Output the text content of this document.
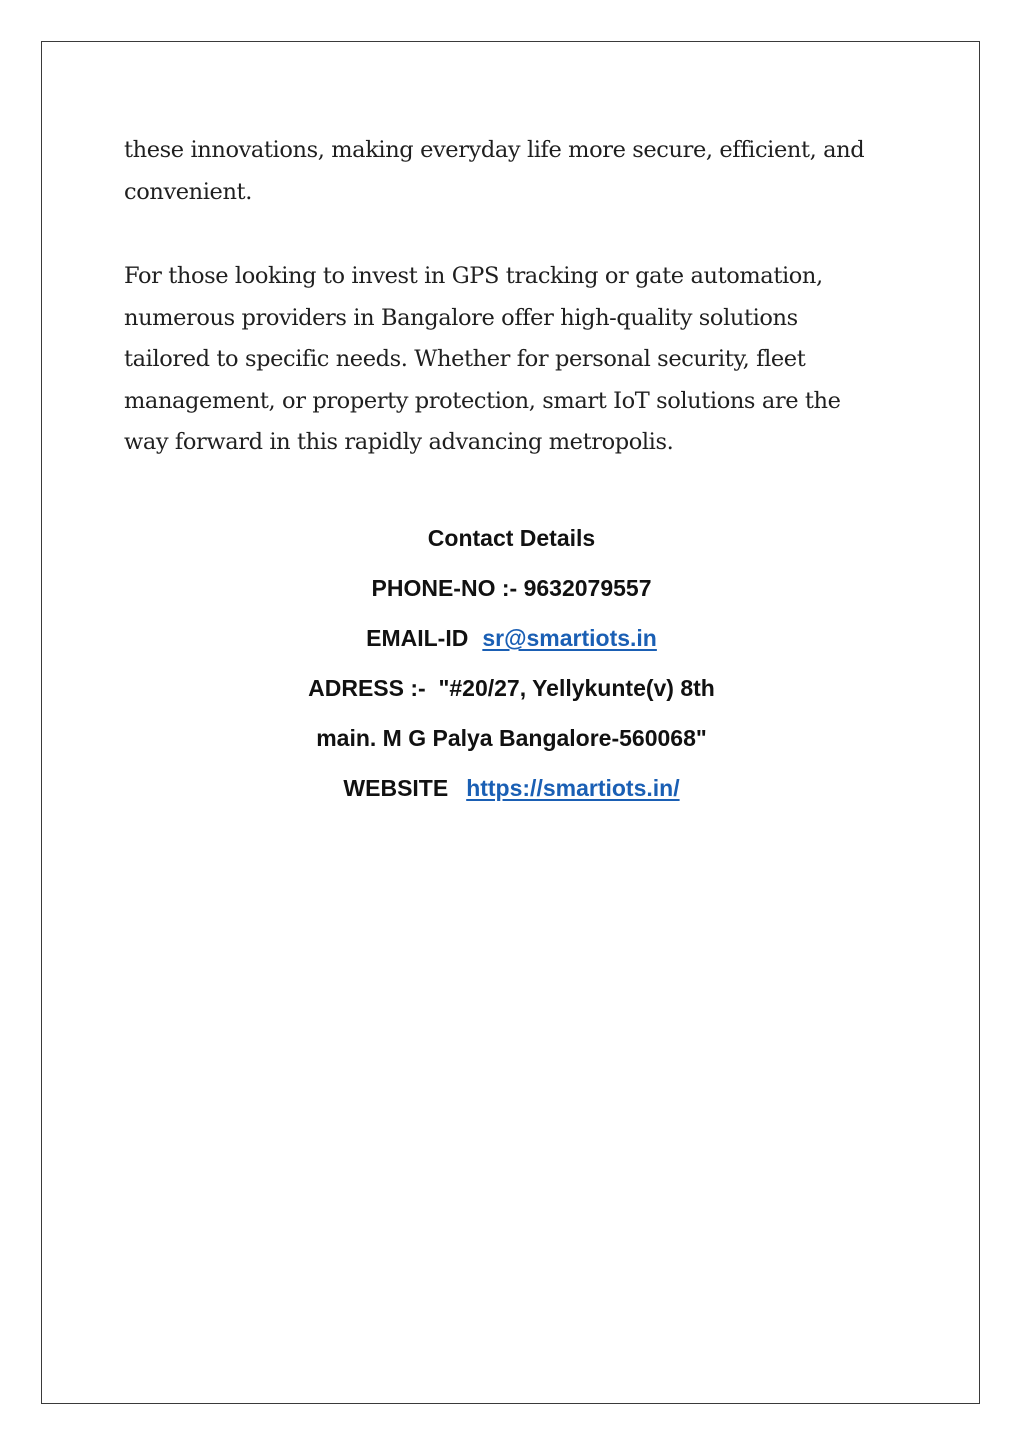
these innovations, making everyday life more secure, efficient, and
convenient.

For those looking to invest in GPS tracking or gate automation,
numerous providers in Bangalore offer high-quality solutions
tailored to specific needs. Whether for personal security, fleet
management, or property protection, smart IoT solutions are the
way forward in this rapidly advancing metropolis.

Contact Details
PHONE-NO :- 9632079557
EMAIL-ID sr@smartiots.in
ADRESS :-  "#20/27, Yellykunte(v) 8th
main. M G Palya Bangalore-560068"
WEBSITE https://smartiots.in/
